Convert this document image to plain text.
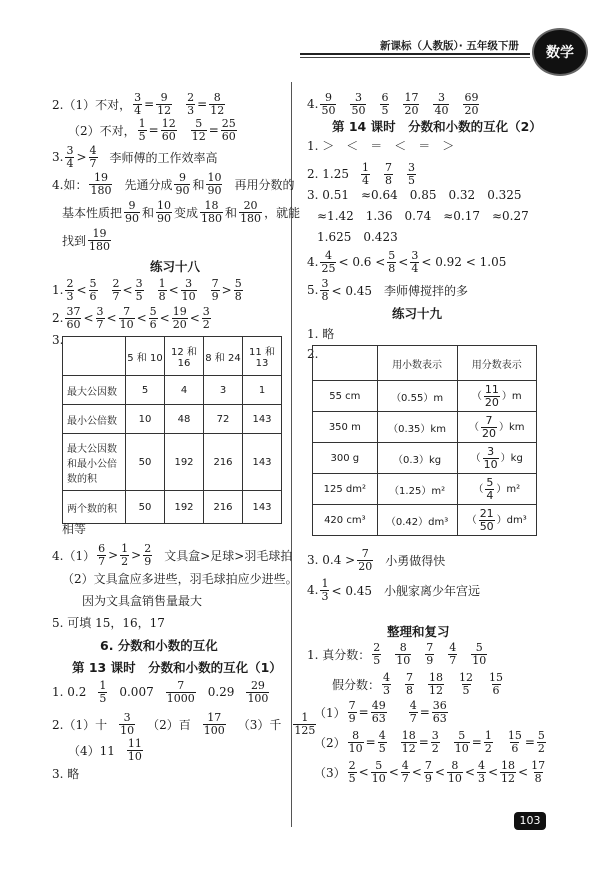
新课标（人教版）· 五年级下册	数学
2.（1）不对， $\frac{3}{4} = \frac{9}{12} \frac{2}{3} = \frac{8}{12}$
（2）不对， $\frac{1}{5} = \frac{12}{60} \frac{5}{12} = \frac{25}{60}$
3. $\frac{3}{4} > \frac{4}{7}$ 李师傅的工作效率高
4.如： $\frac{19}{180}$ 先通分成 $\frac{9}{90}$ 和 $\frac{10}{90}$ 再用分数的
基本性质把 $\frac{9}{90}$ 和 $\frac{10}{90}$ 变成 $\frac{18}{180}$ 和 $\frac{20}{180}$ ，就能
找到 $\frac{19}{180}$
练习十八
1. $\frac{2}{3} < \frac{5}{6} \frac{2}{7} < \frac{3}{5} \frac{1}{8} < \frac{3}{10} \frac{7}{9} > \frac{5}{8}$
2. $\frac{37}{60} < \frac{3}{7} < \frac{7}{10} < \frac{5}{6} < \frac{19}{20} < \frac{3}{2}$
3.
	5 和 10	12 和 16	8 和 24	11 和 13
最大公因数	5	4	3	1
最小公倍数	10	48	72	143
最大公因数和最小公倍数的积	50	192	216	143
两个数的积	50	192	216	143
相等
$4.(1) \frac{6}{7} > \frac{1}{2} > \frac{2}{9}$ 文具盒>足球>羽毛球拍
（2）文具盒应多进些，羽毛球拍应少进些。
因为文具盒销售量最大
5. 可填 15，16，17
6. 分数和小数的互化
第 13 课时　分数和小数的互化（1）
1. $0.2 \frac{1}{5} 0.007 \frac{7}{1000} 0.29 \frac{29}{100}$
2.（1）十 $\frac{3}{10} (2)$百 $\frac{17}{100} (3)$千 $\frac{1}{125}$
$(4)11 \frac{11}{10}$
3. 略
4. $\frac{9}{50} \frac{3}{50} \frac{6}{5} \frac{17}{20} \frac{3}{40} \frac{69}{20}$
第 14 课时　分数和小数的互化（2）
1. ＞　＜　＝　＜　＝　＞
2. $1.25 \frac{1}{4} \frac{7}{8} \frac{3}{5}$
3. 0.51　≈0.64　0.85　0.32　0.325
≈1.42　1.36　0.74　≈0.17　≈0.27
1.625　0.423
4. $\frac{4}{25} < 0.6 < \frac{5}{8} < \frac{3}{4} < 0.92 < 1.05$
5. $\frac{3}{8} < 0.45$　李师傅搅拌的多
练习十九
1. 略
2.
	用小数表示	用分数表示
55 cm	（0.55）m	（ $\frac{11}{20} )m$
350 m	（0.35）km	（ $\frac{7}{20} )km$
300 g	（0.3）kg	（ $\frac{3}{10} )kg$
125 dm²	（1.25）m²	（ $\frac{5}{4} )m^2$
420 cm³	（0.42）dm³	（ $\frac{21}{50} )dm^3$
3. $0.4 > \frac{7}{20}$ 小勇做得快
4. $\frac{1}{3} < 0.45$　小舰家离少年宫远
整理和复习
1. 真分数： $\frac{2}{5} \frac{8}{10} \frac{7}{9} \frac{4}{7} \frac{5}{10}$
假分数： $\frac{4}{3} \frac{7}{8} \frac{18}{12} \frac{12}{5} \frac{15}{6}$
$(1) \frac{7}{9} = \frac{49}{63} \frac{4}{7} = \frac{36}{63}$
$(2) \frac{8}{10} = \frac{4}{5} \frac{18}{12} = \frac{3}{2} \frac{5}{10} = \frac{1}{2} \frac{15}{6} = \frac{5}{2}$
$(3) \frac{2}{5} < \frac{5}{10} < \frac{4}{7} < \frac{7}{9} < \frac{8}{10} < \frac{4}{3} < \frac{18}{12} < \frac{17}{8}$
103
